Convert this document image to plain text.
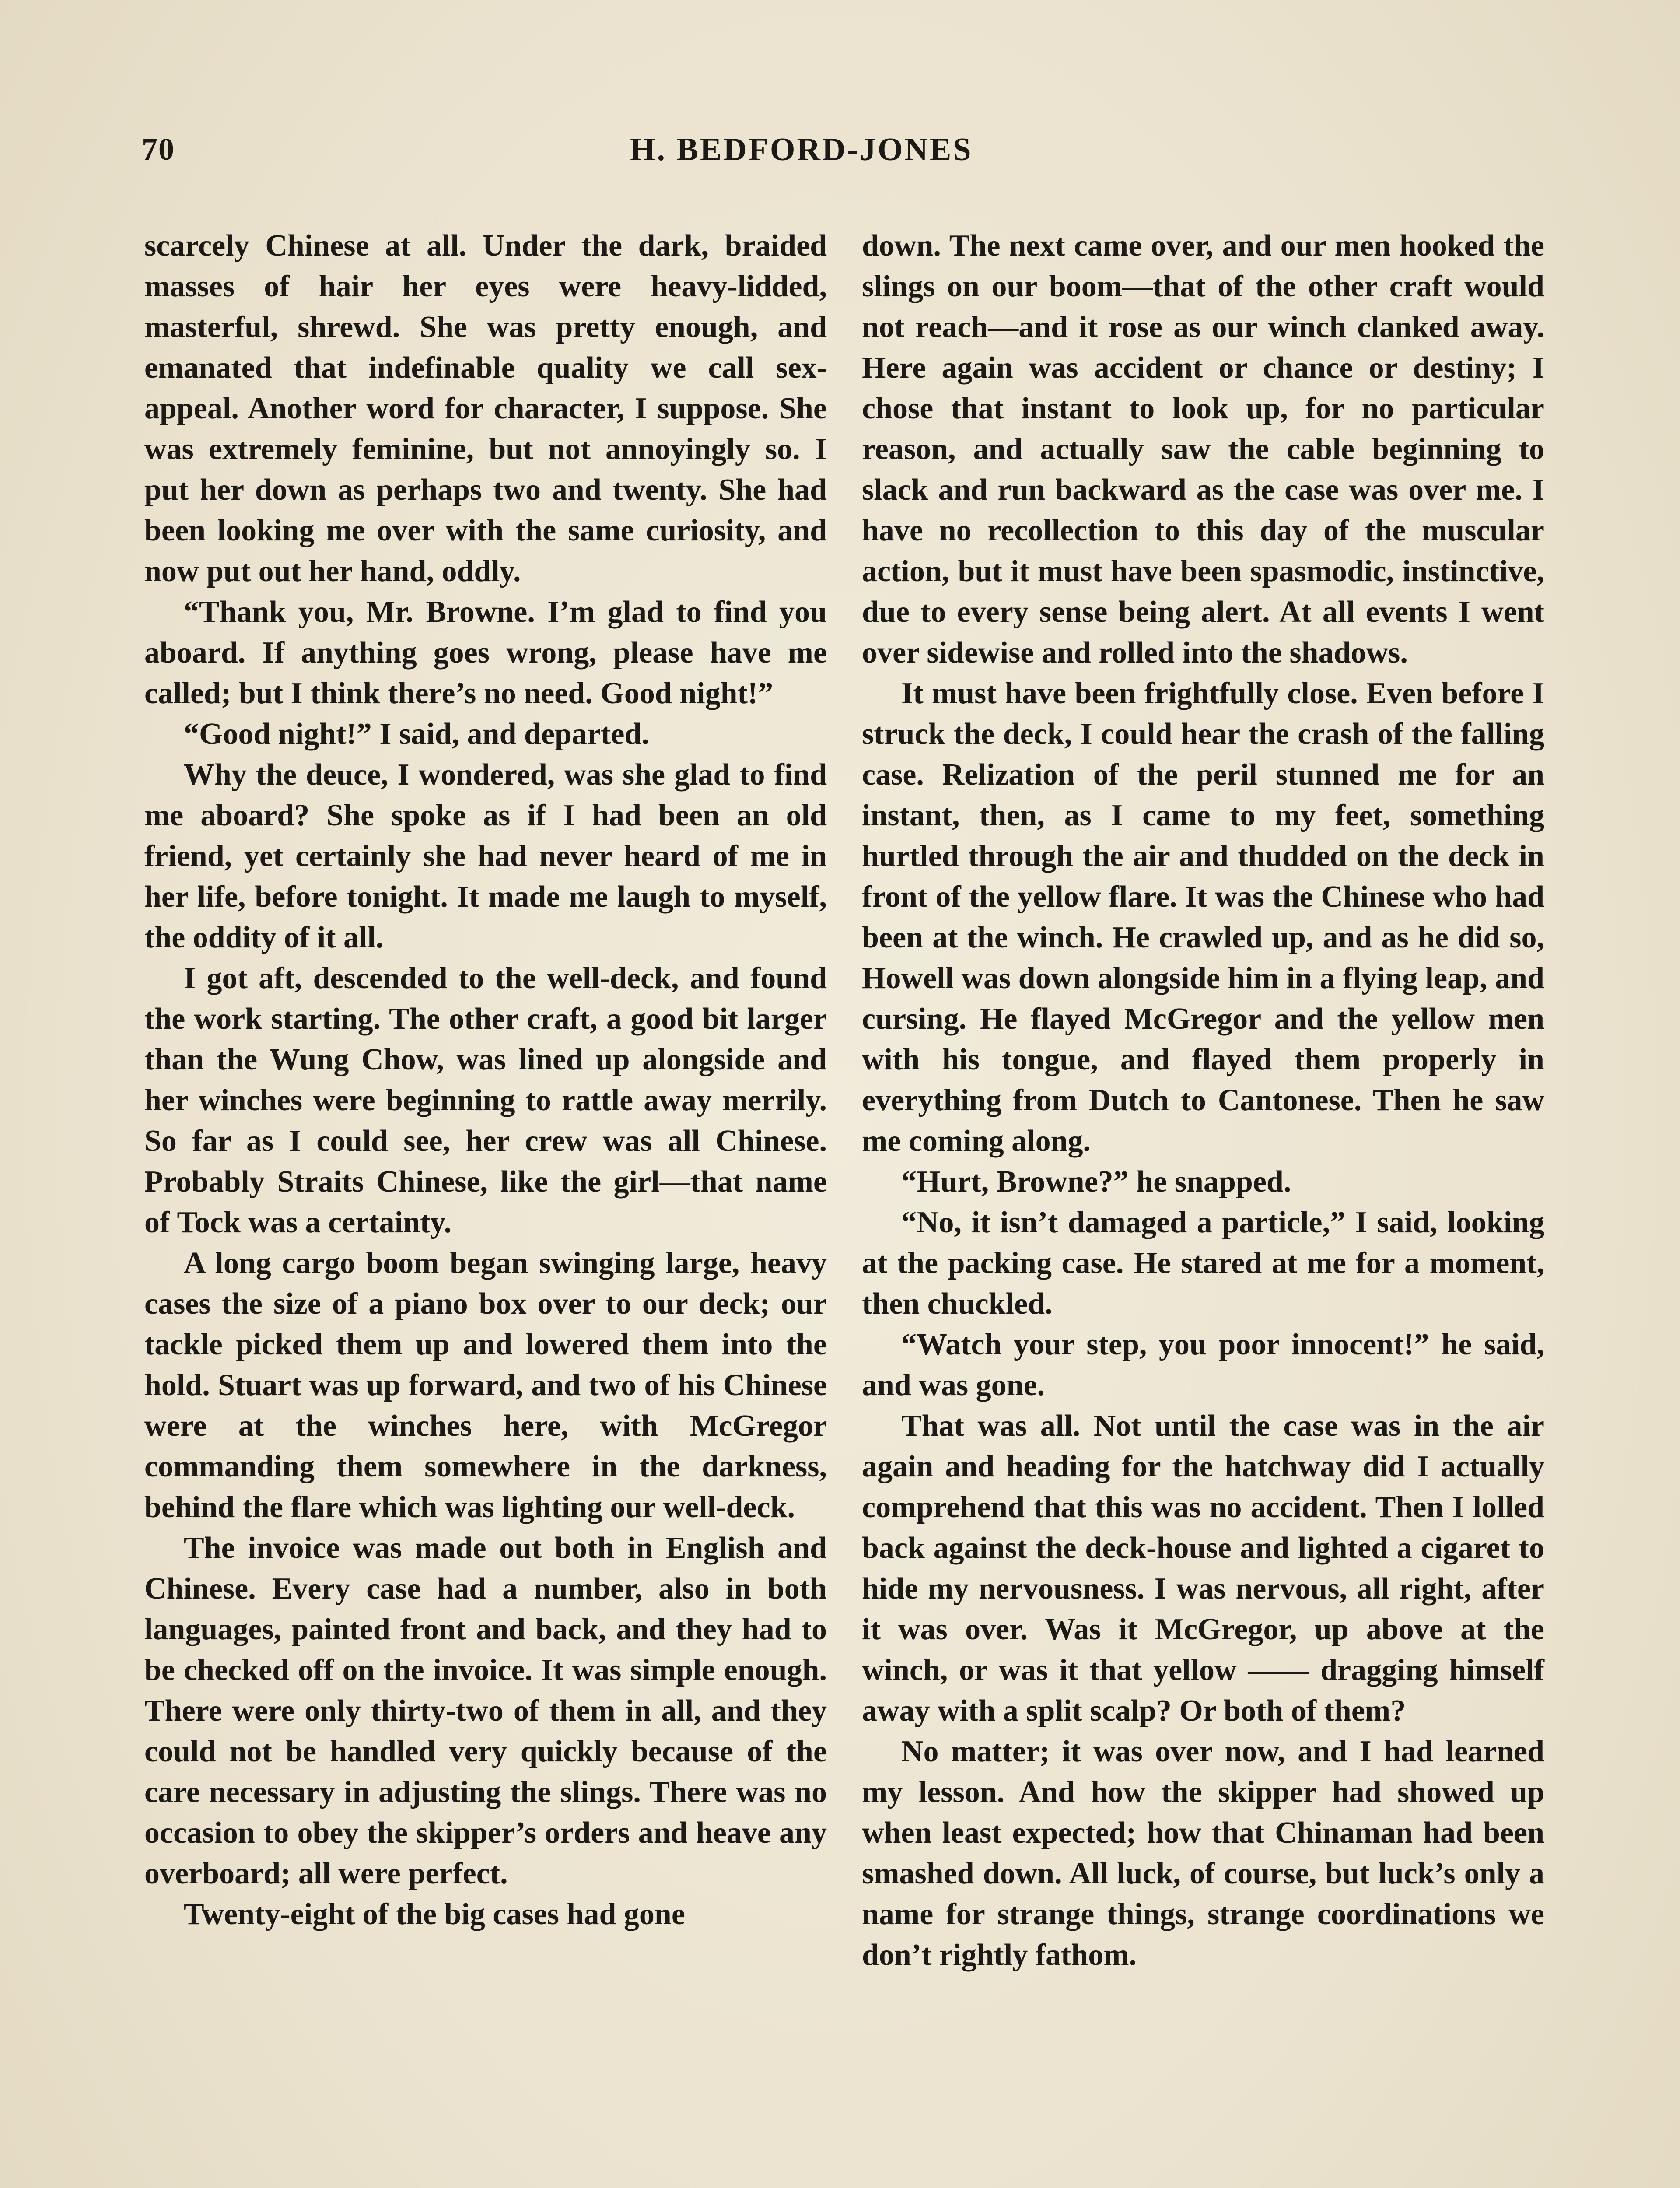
70	H. BEDFORD-JONES

scarcely Chinese at all. Under the dark, braided masses of hair her eyes were heavy-lidded, masterful, shrewd. She was pretty enough, and emanated that indefinable quality we call sex-appeal. Another word for character, I suppose. She was extremely feminine, but not annoyingly so. I put her down as perhaps two and twenty. She had been looking me over with the same curiosity, and now put out her hand, oddly.

“Thank you, Mr. Browne. I’m glad to find you aboard. If anything goes wrong, please have me called; but I think there’s no need. Good night!”

“Good night!” I said, and departed.

Why the deuce, I wondered, was she glad to find me aboard? She spoke as if I had been an old friend, yet certainly she had never heard of me in her life, before tonight. It made me laugh to myself, the oddity of it all.

I got aft, descended to the well-deck, and found the work starting. The other craft, a good bit larger than the Wung Chow, was lined up alongside and her winches were beginning to rattle away merrily. So far as I could see, her crew was all Chinese. Probably Straits Chinese, like the girl—that name of Tock was a certainty.

A long cargo boom began swinging large, heavy cases the size of a piano box over to our deck; our tackle picked them up and lowered them into the hold. Stuart was up forward, and two of his Chinese were at the winches here, with McGregor commanding them somewhere in the darkness, behind the flare which was lighting our well-deck.

The invoice was made out both in English and Chinese. Every case had a number, also in both languages, painted front and back, and they had to be checked off on the invoice. It was simple enough. There were only thirty-two of them in all, and they could not be handled very quickly because of the care necessary in adjusting the slings. There was no occasion to obey the skipper’s orders and heave any overboard; all were perfect.

Twenty-eight of the big cases had gone

down. The next came over, and our men hooked the slings on our boom—that of the other craft would not reach—and it rose as our winch clanked away. Here again was accident or chance or destiny; I chose that instant to look up, for no particular reason, and actually saw the cable beginning to slack and run backward as the case was over me. I have no recollection to this day of the muscular action, but it must have been spasmodic, instinctive, due to every sense being alert. At all events I went over sidewise and rolled into the shadows.

It must have been frightfully close. Even before I struck the deck, I could hear the crash of the falling case. Relization of the peril stunned me for an instant, then, as I came to my feet, something hurtled through the air and thudded on the deck in front of the yellow flare. It was the Chinese who had been at the winch. He crawled up, and as he did so, Howell was down alongside him in a flying leap, and cursing. He flayed McGregor and the yellow men with his tongue, and flayed them properly in everything from Dutch to Cantonese. Then he saw me coming along.

“Hurt, Browne?” he snapped.

“No, it isn’t damaged a particle,” I said, looking at the packing case. He stared at me for a moment, then chuckled.

“Watch your step, you poor innocent!” he said, and was gone.

That was all. Not until the case was in the air again and heading for the hatchway did I actually comprehend that this was no accident. Then I lolled back against the deck-house and lighted a cigaret to hide my nervousness. I was nervous, all right, after it was over. Was it McGregor, up above at the winch, or was it that yellow —— dragging himself away with a split scalp? Or both of them?

No matter; it was over now, and I had learned my lesson. And how the skipper had showed up when least expected; how that Chinaman had been smashed down. All luck, of course, but luck’s only a name for strange things, strange coordinations we don’t rightly fathom.
